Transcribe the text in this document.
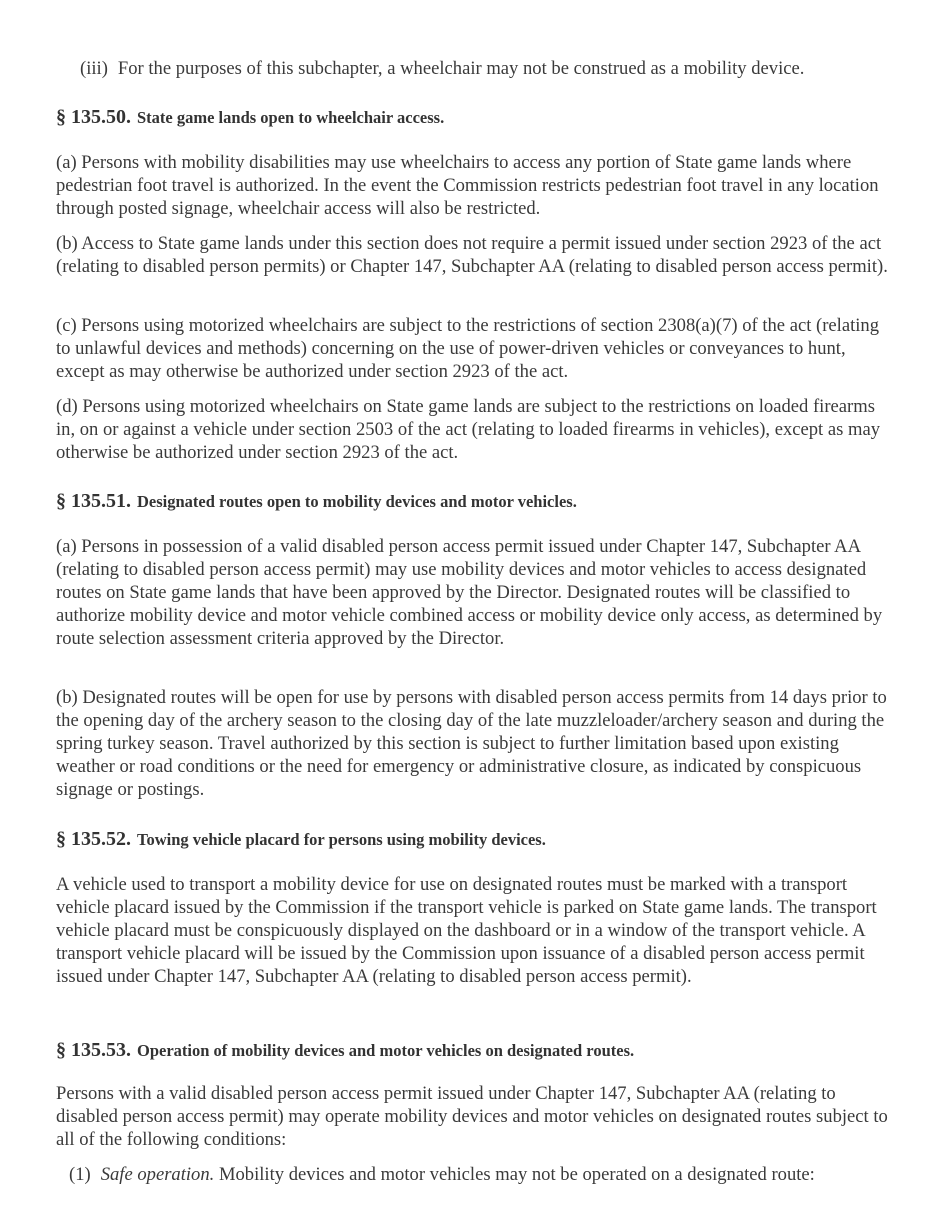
(iii) For the purposes of this subchapter, a wheelchair may not be construed as a mobility device.

§ 135.50. State game lands open to wheelchair access.

(a) Persons with mobility disabilities may use wheelchairs to access any portion of State game lands where pedestrian foot travel is authorized. In the event the Commission restricts pedestrian foot travel in any location through posted signage, wheelchair access will also be restricted.

(b) Access to State game lands under this section does not require a permit issued under section 2923 of the act (relating to disabled person permits) or Chapter 147, Subchapter AA (relating to disabled person access permit).

(c) Persons using motorized wheelchairs are subject to the restrictions of section 2308(a)(7) of the act (relating to unlawful devices and methods) concerning on the use of power-driven vehicles or conveyances to hunt, except as may otherwise be authorized under section 2923 of the act.

(d) Persons using motorized wheelchairs on State game lands are subject to the restrictions on loaded firearms in, on or against a vehicle under section 2503 of the act (relating to loaded firearms in vehicles), except as may otherwise be authorized under section 2923 of the act.

§ 135.51. Designated routes open to mobility devices and motor vehicles.

(a) Persons in possession of a valid disabled person access permit issued under Chapter 147, Subchapter AA (relating to disabled person access permit) may use mobility devices and motor vehicles to access designated routes on State game lands that have been approved by the Director. Designated routes will be classified to authorize mobility device and motor vehicle combined access or mobility device only access, as determined by route selection assessment criteria approved by the Director.

(b) Designated routes will be open for use by persons with disabled person access permits from 14 days prior to the opening day of the archery season to the closing day of the late muzzleloader/archery season and during the spring turkey season. Travel authorized by this section is subject to further limitation based upon existing weather or road conditions or the need for emergency or administrative closure, as indicated by conspicuous signage or postings.

§ 135.52. Towing vehicle placard for persons using mobility devices.

A vehicle used to transport a mobility device for use on designated routes must be marked with a transport vehicle placard issued by the Commission if the transport vehicle is parked on State game lands. The transport vehicle placard must be conspicuously displayed on the dashboard or in a window of the transport vehicle. A transport vehicle placard will be issued by the Commission upon issuance of a disabled person access permit issued under Chapter 147, Subchapter AA (relating to disabled person access permit).

§ 135.53. Operation of mobility devices and motor vehicles on designated routes.

Persons with a valid disabled person access permit issued under Chapter 147, Subchapter AA (relating to disabled person access permit) may operate mobility devices and motor vehicles on designated routes subject to all of the following conditions:

(1) Safe operation. Mobility devices and motor vehicles may not be operated on a designated route:
